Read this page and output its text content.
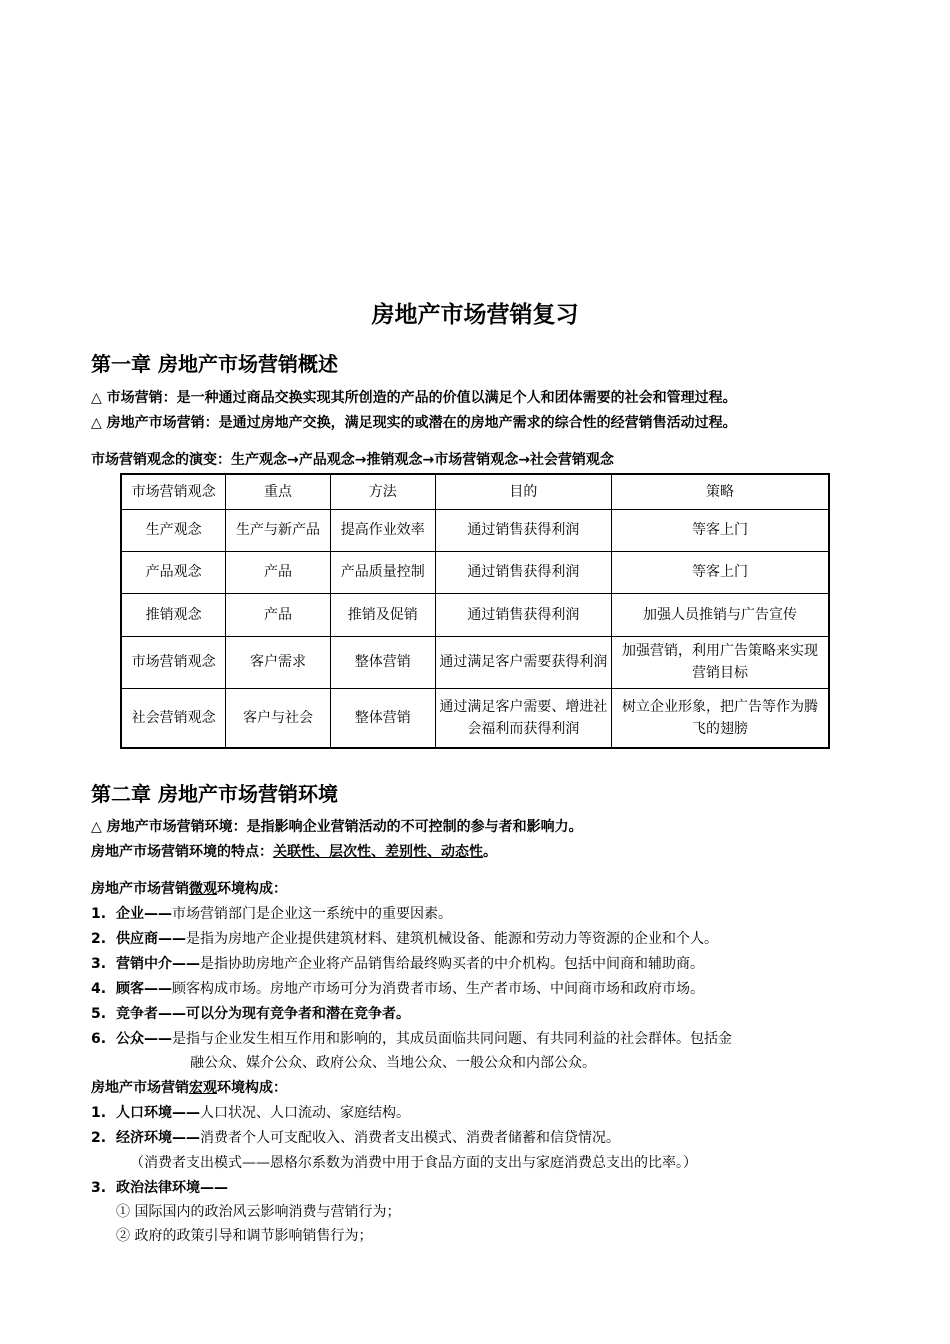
房地产市场营销复习
第一章 房地产市场营销概述
△ 市场营销：是一种通过商品交换实现其所创造的产品的价值以满足个人和团体需要的社会和管理过程。
△ 房地产市场营销：是通过房地产交换，满足现实的或潜在的房地产需求的综合性的经营销售活动过程。
市场营销观念的演变：生产观念→产品观念→推销观念→市场营销观念→社会营销观念
市场营销观念	重点	方法	目的	策略
生产观念	生产与新产品	提高作业效率	通过销售获得利润	等客上门
产品观念	产品	产品质量控制	通过销售获得利润	等客上门
推销观念	产品	推销及促销	通过销售获得利润	加强人员推销与广告宣传
市场营销观念	客户需求	整体营销	通过满足客户需要获得利润	加强营销，利用广告策略来实现营销目标
社会营销观念	客户与社会	整体营销	通过满足客户需要、增进社会福利而获得利润	树立企业形象，把广告等作为腾飞的翅膀
第二章 房地产市场营销环境
△ 房地产市场营销环境：是指影响企业营销活动的不可控制的参与者和影响力。
房地产市场营销环境的特点：关联性、层次性、差别性、动态性。
房地产市场营销微观环境构成：
1. 企业——市场营销部门是企业这一系统中的重要因素。
2. 供应商——是指为房地产企业提供建筑材料、建筑机械设备、能源和劳动力等资源的企业和个人。
3. 营销中介——是指协助房地产企业将产品销售给最终购买者的中介机构。包括中间商和辅助商。
4. 顾客——顾客构成市场。房地产市场可分为消费者市场、生产者市场、中间商市场和政府市场。
5. 竞争者——可以分为现有竞争者和潜在竞争者。
6. 公众——是指与企业发生相互作用和影响的，其成员面临共同问题、有共同利益的社会群体。包括金
融公众、媒介公众、政府公众、当地公众、一般公众和内部公众。
房地产市场营销宏观环境构成：
1. 人口环境——人口状况、人口流动、家庭结构。
2. 经济环境——消费者个人可支配收入、消费者支出模式、消费者储蓄和信贷情况。
（消费者支出模式——恩格尔系数为消费中用于食品方面的支出与家庭消费总支出的比率。）
3. 政治法律环境——
① 国际国内的政治风云影响消费与营销行为；
② 政府的政策引导和调节影响销售行为；
